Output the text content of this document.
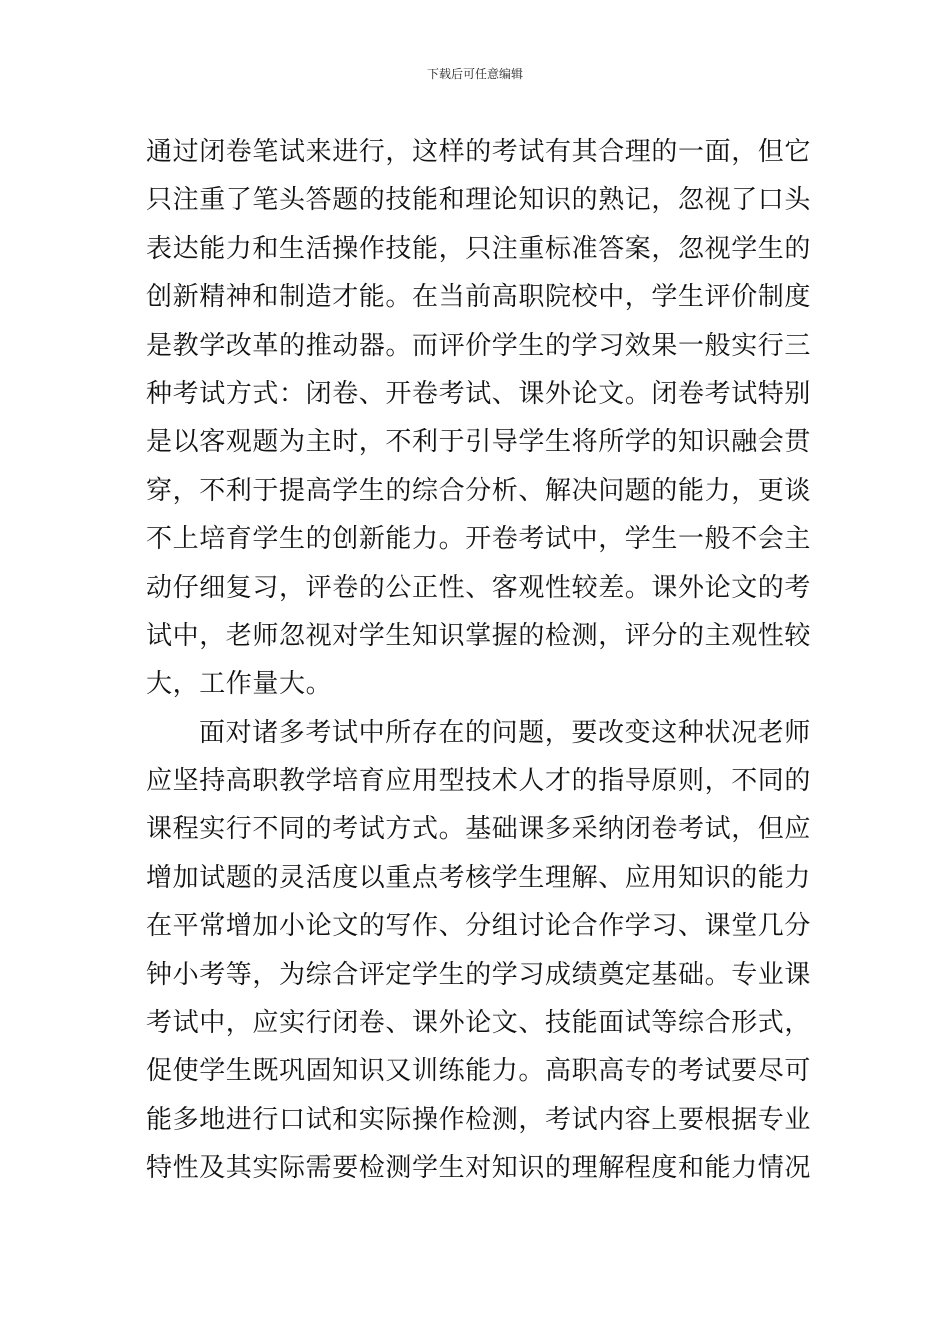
下载后可任意编辑
通过闭卷笔试来进行，这样的考试有其合理的一面，但它
只注重了笔头答题的技能和理论知识的熟记，忽视了口头
表达能力和生活操作技能，只注重标准答案，忽视学生的
创新精神和制造才能。在当前高职院校中，学生评价制度
是教学改革的推动器。而评价学生的学习效果一般实行三
种考试方式：闭卷、开卷考试、课外论文。闭卷考试特别
是以客观题为主时，不利于引导学生将所学的知识融会贯
穿，不利于提高学生的综合分析、解决问题的能力，更谈
不上培育学生的创新能力。开卷考试中，学生一般不会主
动仔细复习，评卷的公正性、客观性较差。课外论文的考
试中，老师忽视对学生知识掌握的检测，评分的主观性较
大，工作量大。
面对诸多考试中所存在的问题，要改变这种状况老师
应坚持高职教学培育应用型技术人才的指导原则，不同的
课程实行不同的考试方式。基础课多采纳闭卷考试，但应
增加试题的灵活度以重点考核学生理解、应用知识的能力
在平常增加小论文的写作、分组讨论合作学习、课堂几分
钟小考等，为综合评定学生的学习成绩奠定基础。专业课
考试中，应实行闭卷、课外论文、技能面试等综合形式，
促使学生既巩固知识又训练能力。高职高专的考试要尽可
能多地进行口试和实际操作检测，考试内容上要根据专业
特性及其实际需要检测学生对知识的理解程度和能力情况
